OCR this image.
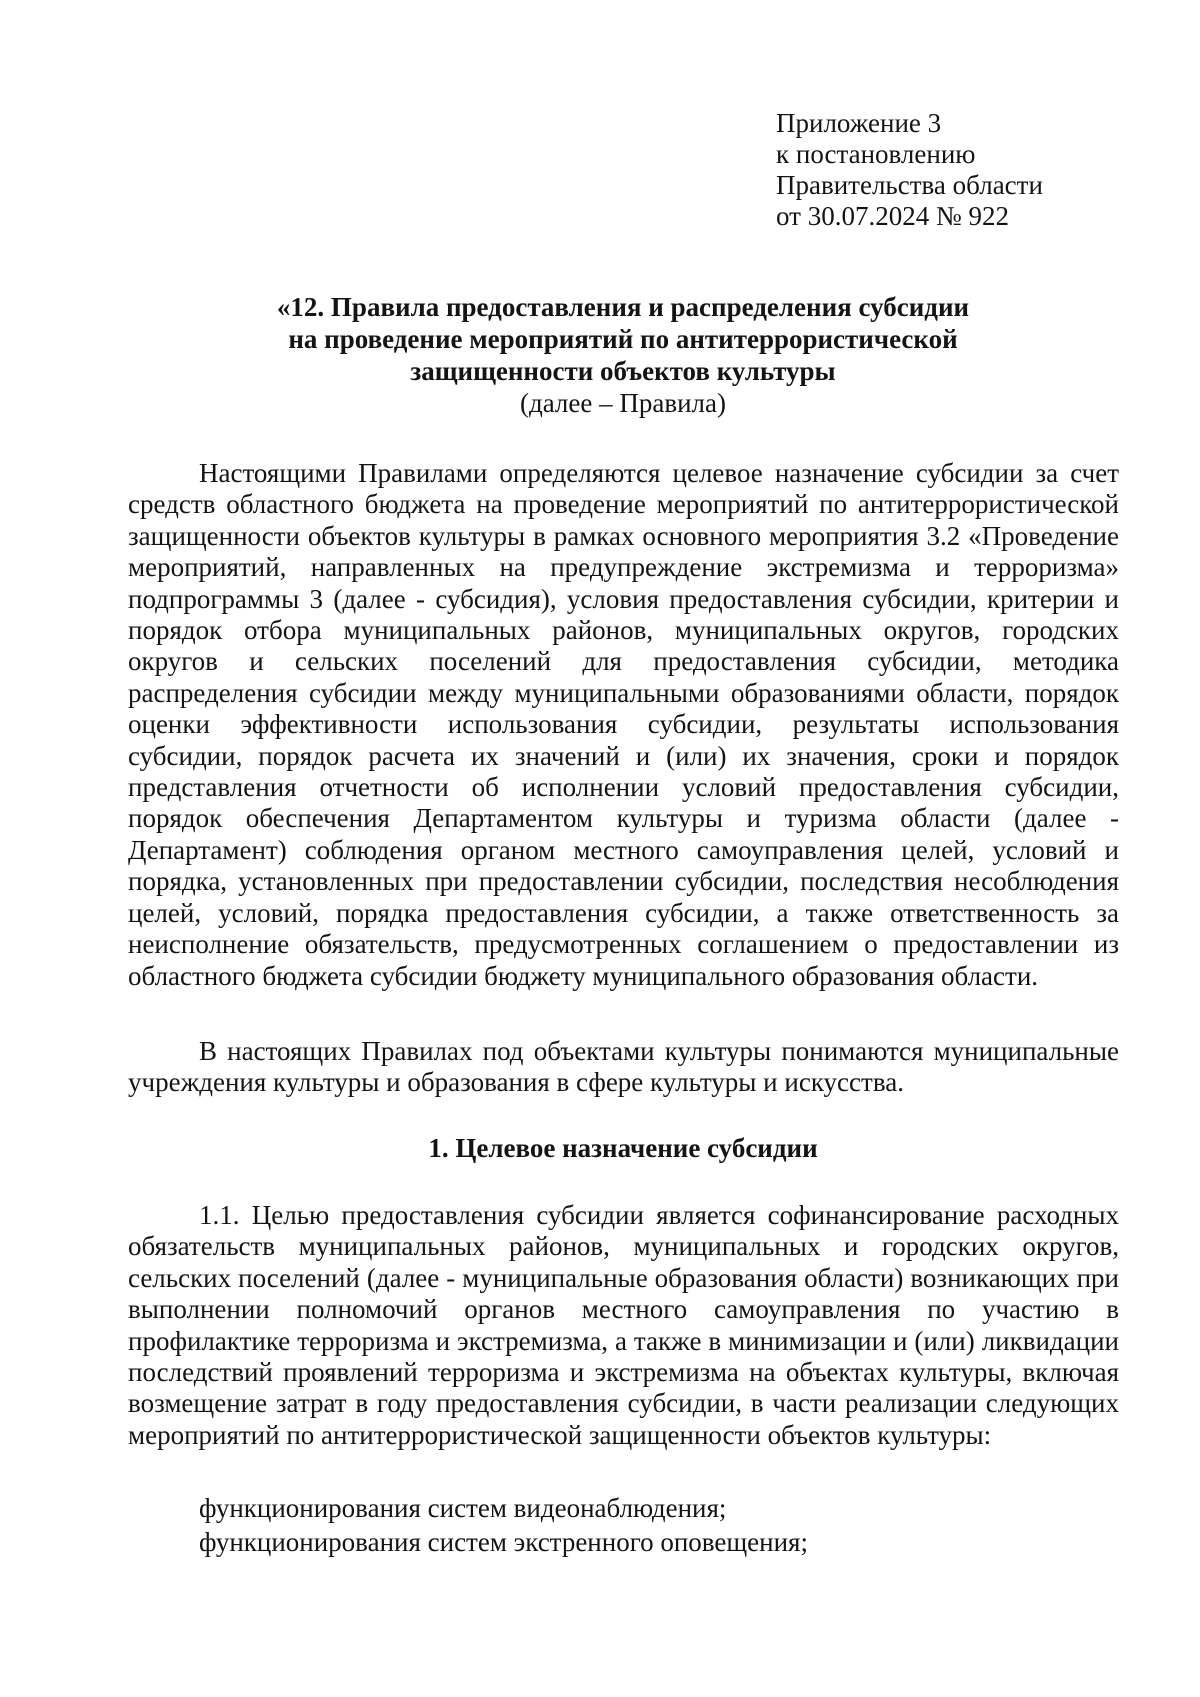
Приложение 3
к постановлению
Правительства области
от 30.07.2024 № 922
«12. Правила предоставления и распределения субсидии
на проведение мероприятий по антитеррористической
защищенности объектов культуры
(далее – Правила)

Настоящими Правилами определяются целевое назначение субсидии за счет средств областного бюджета на проведение мероприятий по антитеррористической защищенности объектов культуры в рамках основного мероприятия 3.2 «Проведение мероприятий, направленных на предупреждение экстремизма и терроризма» подпрограммы 3 (далее - субсидия), условия предоставления субсидии, критерии и порядок отбора муниципальных районов, муниципальных округов, городских округов и сельских поселений для предоставления субсидии, методика распределения субсидии между муниципальными образованиями области, порядок оценки эффективности использования субсидии, результаты использования субсидии, порядок расчета их значений и (или) их значения, сроки и порядок представления отчетности об исполнении условий предоставления субсидии, порядок обеспечения Департаментом культуры и туризма области (далее - Департамент) соблюдения органом местного самоуправления целей, условий и порядка, установленных при предоставлении субсидии, последствия несоблюдения целей, условий, порядка предоставления субсидии, а также ответственность за неисполнение обязательств, предусмотренных соглашением о предоставлении из областного бюджета субсидии бюджету муниципального образования области.

В настоящих Правилах под объектами культуры понимаются муниципальные учреждения культуры и образования в сфере культуры и искусства.

1. Целевое назначение субсидии

1.1. Целью предоставления субсидии является софинансирование расходных обязательств муниципальных районов, муниципальных и городских округов, сельских поселений (далее - муниципальные образования области) возникающих при выполнении полномочий органов местного самоуправления по участию в профилактике терроризма и экстремизма, а также в минимизации и (или) ликвидации последствий проявлений терроризма и экстремизма на объектах культуры, включая возмещение затрат в году предоставления субсидии, в части реализации следующих мероприятий по антитеррористической защищенности объектов культуры:

функционирования систем видеонаблюдения;
функционирования систем экстренного оповещения;
